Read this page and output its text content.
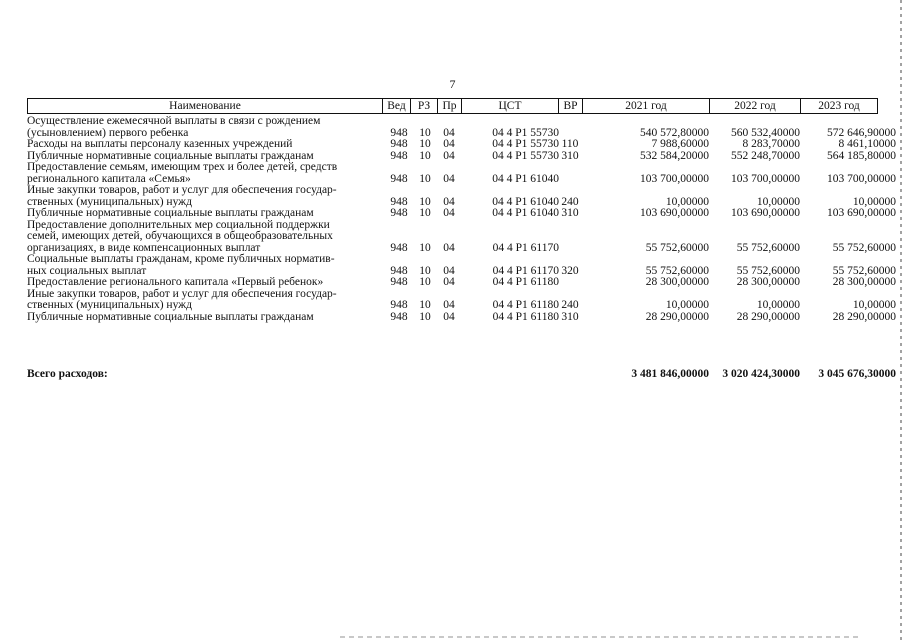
7
Наименование	Вед	РЗ	Пр	ЦСТ	ВР	2021 год	2022 год	2023 год
Осуществление ежемесячной выплаты в связи с рождением
(усыновлением) первого ребенка	948	10	04	04 4 P1 55730	540 572,80000	560 532,40000	572 646,90000
Расходы на выплаты персоналу казенных учреждений	948	10	04	04 4 P1 55730 110	7 988,60000	8 283,70000	8 461,10000
Публичные нормативные социальные выплаты гражданам	948	10	04	04 4 P1 55730 310	532 584,20000	552 248,70000	564 185,80000
Предоставление семьям, имеющим трех и более детей, средств
регионального капитала «Семья»	948	10	04	04 4 P1 61040	103 700,00000	103 700,00000	103 700,00000
Иные закупки товаров, работ и услуг для обеспечения государ-
ственных (муниципальных) нужд	948	10	04	04 4 P1 61040 240	10,00000	10,00000	10,00000
Публичные нормативные социальные выплаты гражданам	948	10	04	04 4 P1 61040 310	103 690,00000	103 690,00000	103 690,00000
Предоставление дополнительных мер социальной поддержки
семей, имеющих детей, обучающихся в общеобразовательных
организациях, в виде компенсационных выплат	948	10	04	04 4 P1 61170	55 752,60000	55 752,60000	55 752,60000
Социальные выплаты гражданам, кроме публичных норматив-
ных социальных выплат	948	10	04	04 4 P1 61170 320	55 752,60000	55 752,60000	55 752,60000
Предоставление регионального капитала «Первый ребенок»	948	10	04	04 4 P1 61180	28 300,00000	28 300,00000	28 300,00000
Иные закупки товаров, работ и услуг для обеспечения государ-
ственных (муниципальных) нужд	948	10	04	04 4 P1 61180 240	10,00000	10,00000	10,00000
Публичные нормативные социальные выплаты гражданам	948	10	04	04 4 P1 61180 310	28 290,00000	28 290,00000	28 290,00000
Всего расходов:	3 481 846,00000	3 020 424,30000	3 045 676,30000
